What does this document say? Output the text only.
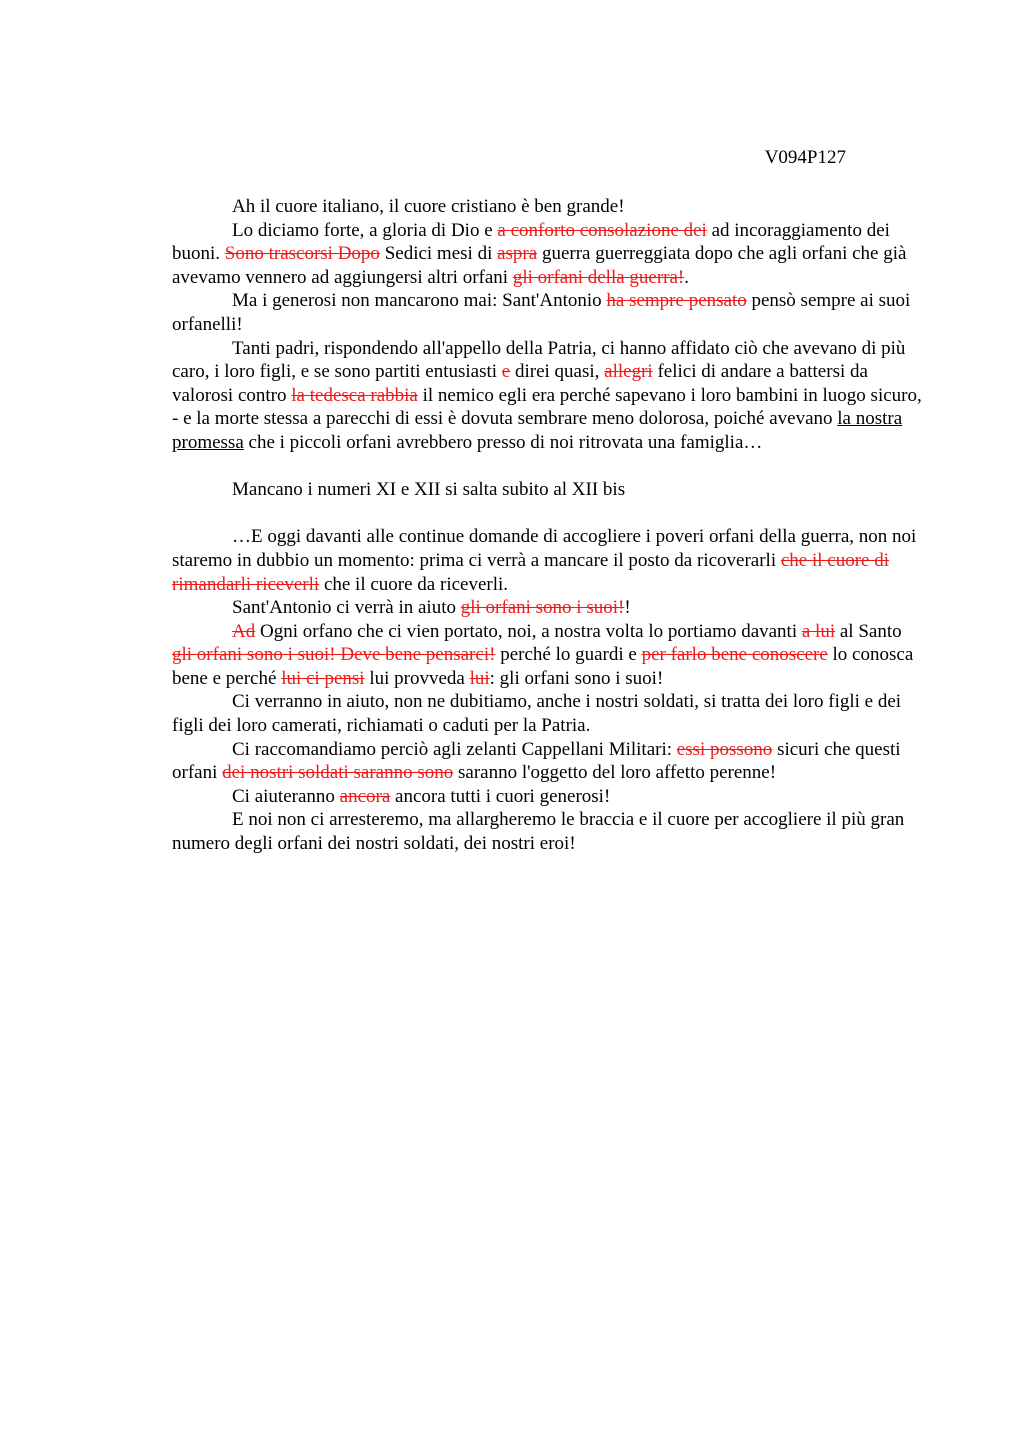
V094P127

Ah il cuore italiano, il cuore cristiano è ben grande!

Lo diciamo forte, a gloria di Dio e a conforto consolazione dei ad incoraggiamento dei buoni. Sono trascorsi Dopo Sedici mesi di aspra guerra guerreggiata dopo che agli orfani che già avevamo vennero ad aggiungersi altri orfani gli orfani della guerra!.

Ma i generosi non mancarono mai: Sant'Antonio ha sempre pensato pensò sempre ai suoi orfanelli!

Tanti padri, rispondendo all'appello della Patria, ci hanno affidato ciò che avevano di più caro, i loro figli, e se sono partiti entusiasti e direi quasi, allegri felici di andare a battersi da valorosi contro la tedesca rabbia il nemico egli era perché sapevano i loro bambini in luogo sicuro, - e la morte stessa a parecchi di essi è dovuta sembrare meno dolorosa, poiché avevano la nostra promessa che i piccoli orfani avrebbero presso di noi ritrovata una famiglia…

Mancano i numeri XI e XII si salta subito al XII bis

…E oggi davanti alle continue domande di accogliere i poveri orfani della guerra, non noi staremo in dubbio un momento: prima ci verrà a mancare il posto da ricoverarli che il cuore di rimandarli riceverli che il cuore da riceverli.

Sant'Antonio ci verrà in aiuto gli orfani sono i suoi!!

Ad Ogni orfano che ci vien portato, noi, a nostra volta lo portiamo davanti a lui al Santo gli orfani sono i suoi! Deve bene pensarci! perché lo guardi e per farlo bene conoscere lo conosca bene e perché lui ci pensi lui provveda lui: gli orfani sono i suoi!

Ci verranno in aiuto, non ne dubitiamo, anche i nostri soldati, si tratta dei loro figli e dei figli dei loro camerati, richiamati o caduti per la Patria.

Ci raccomandiamo perciò agli zelanti Cappellani Militari: essi possono sicuri che questi orfani dei nostri soldati saranno sono saranno l'oggetto del loro affetto perenne!

Ci aiuteranno ancora ancora tutti i cuori generosi!

E noi non ci arresteremo, ma allargheremo le braccia e il cuore per accogliere il più gran numero degli orfani dei nostri soldati, dei nostri eroi!
